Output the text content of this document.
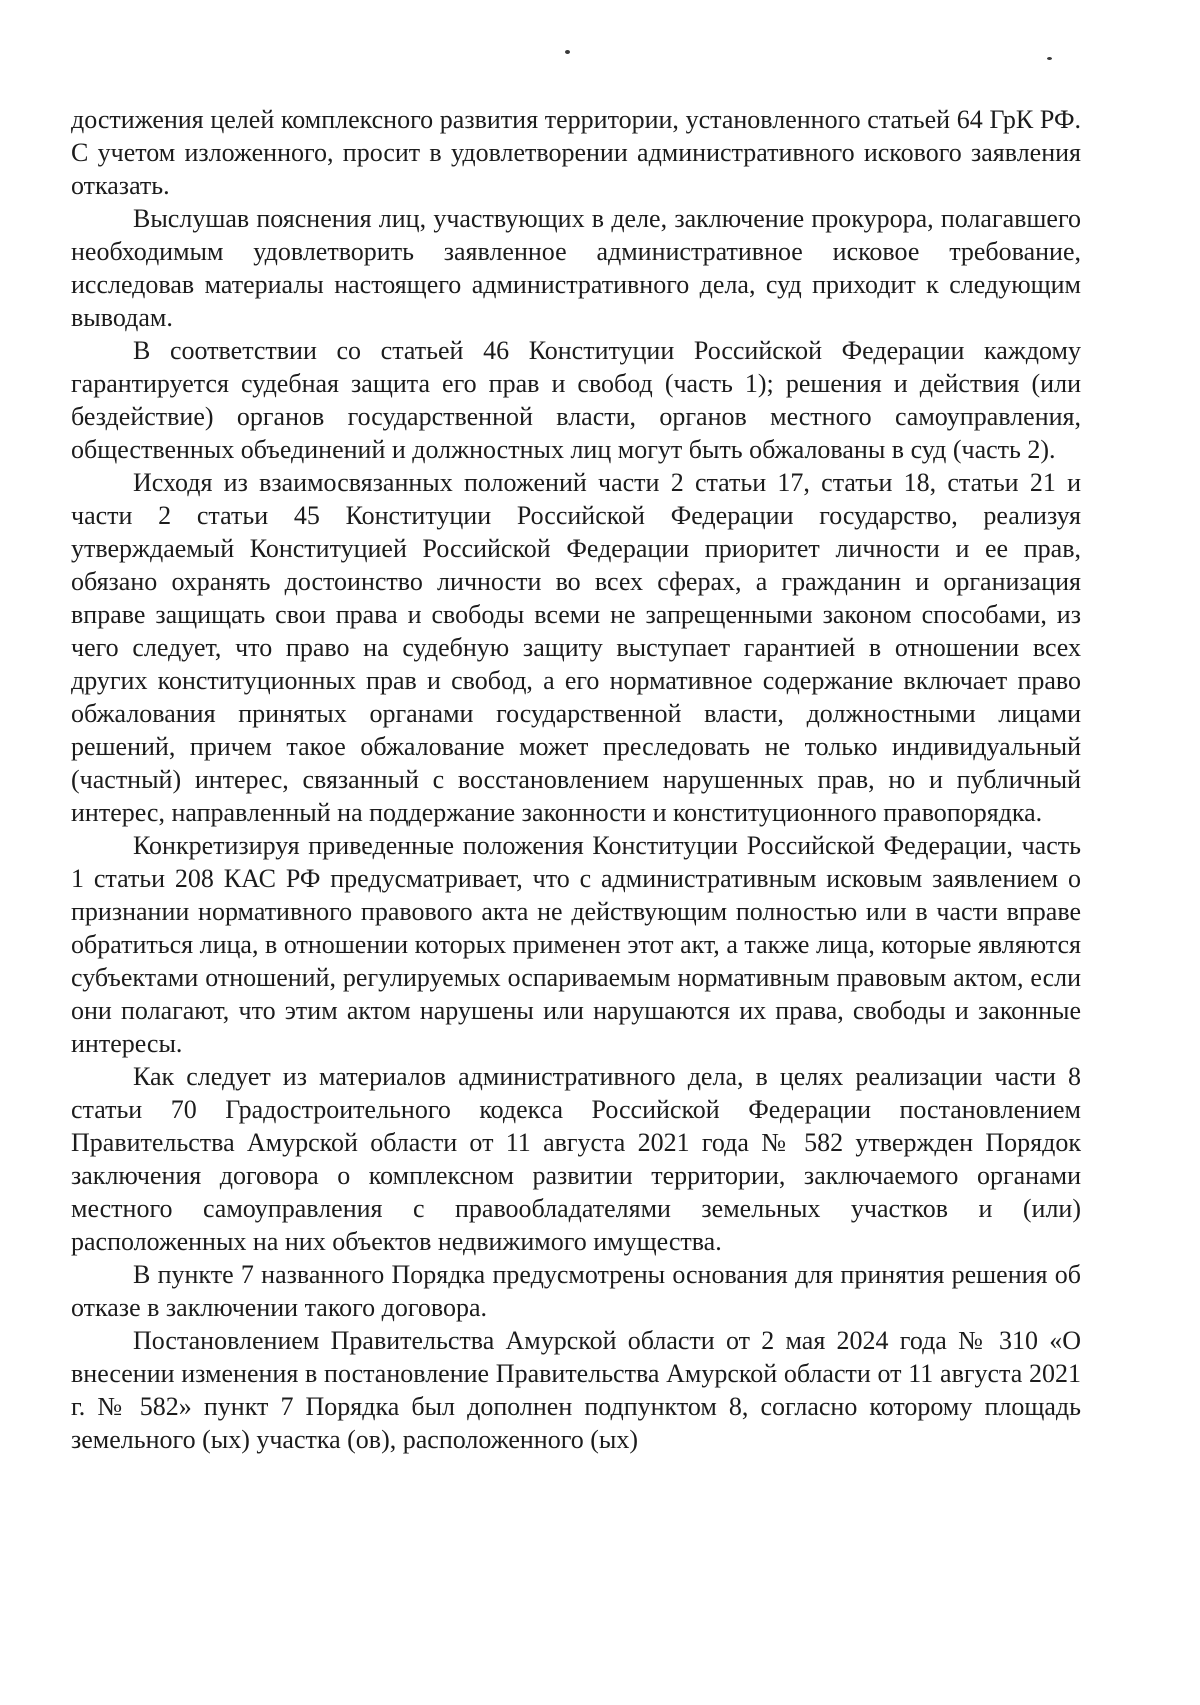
достижения целей комплексного развития территории, установленного статьей 64 ГрК РФ. С учетом изложенного, просит в удовлетворении административного искового заявления отказать.

Выслушав пояснения лиц, участвующих в деле, заключение прокурора, полагавшего необходимым удовлетворить заявленное административное исковое требование, исследовав материалы настоящего административного дела, суд приходит к следующим выводам.

В соответствии со статьей 46 Конституции Российской Федерации каждому гарантируется судебная защита его прав и свобод (часть 1); решения и действия (или бездействие) органов государственной власти, органов местного самоуправления, общественных объединений и должностных лиц могут быть обжалованы в суд (часть 2).

Исходя из взаимосвязанных положений части 2 статьи 17, статьи 18, статьи 21 и части 2 статьи 45 Конституции Российской Федерации государство, реализуя утверждаемый Конституцией Российской Федерации приоритет личности и ее прав, обязано охранять достоинство личности во всех сферах, а гражданин и организация вправе защищать свои права и свободы всеми не запрещенными законом способами, из чего следует, что право на судебную защиту выступает гарантией в отношении всех других конституционных прав и свобод, а его нормативное содержание включает право обжалования принятых органами государственной власти, должностными лицами решений, причем такое обжалование может преследовать не только индивидуальный (частный) интерес, связанный с восстановлением нарушенных прав, но и публичный интерес, направленный на поддержание законности и конституционного правопорядка.

Конкретизируя приведенные положения Конституции Российской Федерации, часть 1 статьи 208 КАС РФ предусматривает, что с административным исковым заявлением о признании нормативного правового акта не действующим полностью или в части вправе обратиться лица, в отношении которых применен этот акт, а также лица, которые являются субъектами отношений, регулируемых оспариваемым нормативным правовым актом, если они полагают, что этим актом нарушены или нарушаются их права, свободы и законные интересы.

Как следует из материалов административного дела, в целях реализации части 8 статьи 70 Градостроительного кодекса Российской Федерации постановлением Правительства Амурской области от 11 августа 2021 года № 582 утвержден Порядок заключения договора о комплексном развитии территории, заключаемого органами местного самоуправления с правообладателями земельных участков и (или) расположенных на них объектов недвижимого имущества.

В пункте 7 названного Порядка предусмотрены основания для принятия решения об отказе в заключении такого договора.

Постановлением Правительства Амурской области от 2 мая 2024 года № 310 «О внесении изменения в постановление Правительства Амурской области от 11 августа 2021 г. № 582» пункт 7 Порядка был дополнен подпунктом 8, согласно которому площадь земельного (ых) участка (ов), расположенного (ых)
